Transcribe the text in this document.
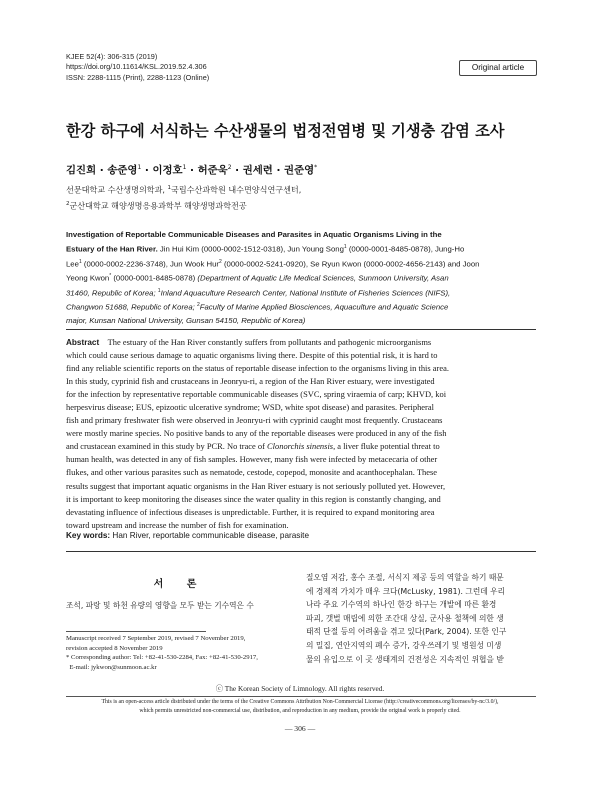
KJEE 52(4): 306-315 (2019)
https://doi.org/10.11614/KSL.2019.52.4.306
ISSN: 2288-1115 (Print), 2288-1123 (Online)
Original article
한강 하구에 서식하는 수산생물의 법정전염병 및 기생충 감염 조사
김진희 · 송준영$^1$ · 이정호$^1$ · 허준욱$^2$ · 권세련 · 권준영*
선문대학교 수산생명의학과, $^1$국립수산과학원 내수면양식연구센터,
$^2$군산대학교 해양생명응용과학부 해양생명과학전공
Investigation of Reportable Communicable Diseases and Parasites in Aquatic Organisms Living in the
Estuary of the Han River. Jin Hui Kim (0000-0002-1512-0318), Jun Young Song$^1$ (0000-0001-8485-0878), Jung-Ho
Lee$^1$ (0000-0002-2236-3748), Jun Wook Hur$^2$ (0000-0002-5241-0920), Se Ryun Kwon (0000-0002-4656-2143) and Joon
Yeong Kwon* (0000-0001-8485-0878) (Department of Aquatic Life Medical Sciences, Sunmoon University, Asan
31460, Republic of Korea; $^1$Inland Aquaculture Research Center, National Institute of Fisheries Sciences (NIFS),
Changwon 51688, Republic of Korea; $^2$Faculty of Marine Applied Biosciences, Aquaculture and Aquatic Science
major, Kunsan National University, Gunsan 54150, Republic of Korea)
Abstract The estuary of the Han River constantly suffers from pollutants and pathogenic microorganisms
which could cause serious damage to aquatic organisms living there. Despite of this potential risk, it is hard to
find any reliable scientific reports on the status of reportable disease infection to the organisms living in this area.
In this study, cyprinid fish and crustaceans in Jeonryu-ri, a region of the Han River estuary, were investigated
for the infection by representative reportable communicable diseases (SVC, spring viraemia of carp; KHVD, koi
herpesvirus disease; EUS, epizootic ulcerative syndrome; WSD, white spot disease) and parasites. Peripheral
fish and primary freshwater fish were observed in Jeonryu-ri with cyprinid caught most frequently. Crustaceans
were mostly marine species. No positive bands to any of the reportable diseases were produced in any of the fish
and crustacean examined in this study by PCR. No trace of Clonorchis sinensis, a liver fluke potential threat to
human health, was detected in any of fish samples. However, many fish were infected by metacecaria of other
flukes, and other various parasites such as nematode, cestode, copepod, monosite and acanthocephalan. These
results suggest that important aquatic organisms in the Han River estuary is not seriously polluted yet. However,
it is important to keep monitoring the diseases since the water quality in this region is constantly changing, and
devastating influence of infectious diseases is unpredictable. Further, it is required to expand monitoring area
toward upstream and increase the number of fish for examination.
Key words: Han River, reportable communicable disease, parasite
서 론
조석, 파랑 및 하천 유량의 영향을 모두 받는 기수역은 수
Manuscript received 7 September 2019, revised 7 November 2019,
revision accepted 8 November 2019
* Corresponding author: Tel: +82-41-530-2284, Fax: +82-41-530-2917,
E-mail: jykwon@sunmoon.ac.kr
질오염 저감, 홍수 조절, 서식지 제공 등의 역할을 하기 때문
에 경제적 가치가 매우 크다(McLusky, 1981). 그런데 우리
나라 주요 기수역의 하나인 한강 하구는 개발에 따른 환경
파괴, 갯벌 매립에 의한 조간대 상실, 군사용 철책에 의한 생
태적 단절 등의 어려움을 겪고 있다(Park, 2004). 또한 인구
의 밀집, 연안지역의 폐수 증가, 강우쓰레기 및 병원성 미생
물의 유입으로 이 곳 생태계의 건전성은 지속적인 위협을 받
ⓒ The Korean Society of Limnology. All rights reserved.
This is an open-access article distributed under the terms of the Creative Commons Attribution Non-Commercial License (http://creativecommons.org/licenses/by-nc/3.0/),
which permits unrestricted non-commercial use, distribution, and reproduction in any medium, provide the original work is properly cited.
— 306 —
